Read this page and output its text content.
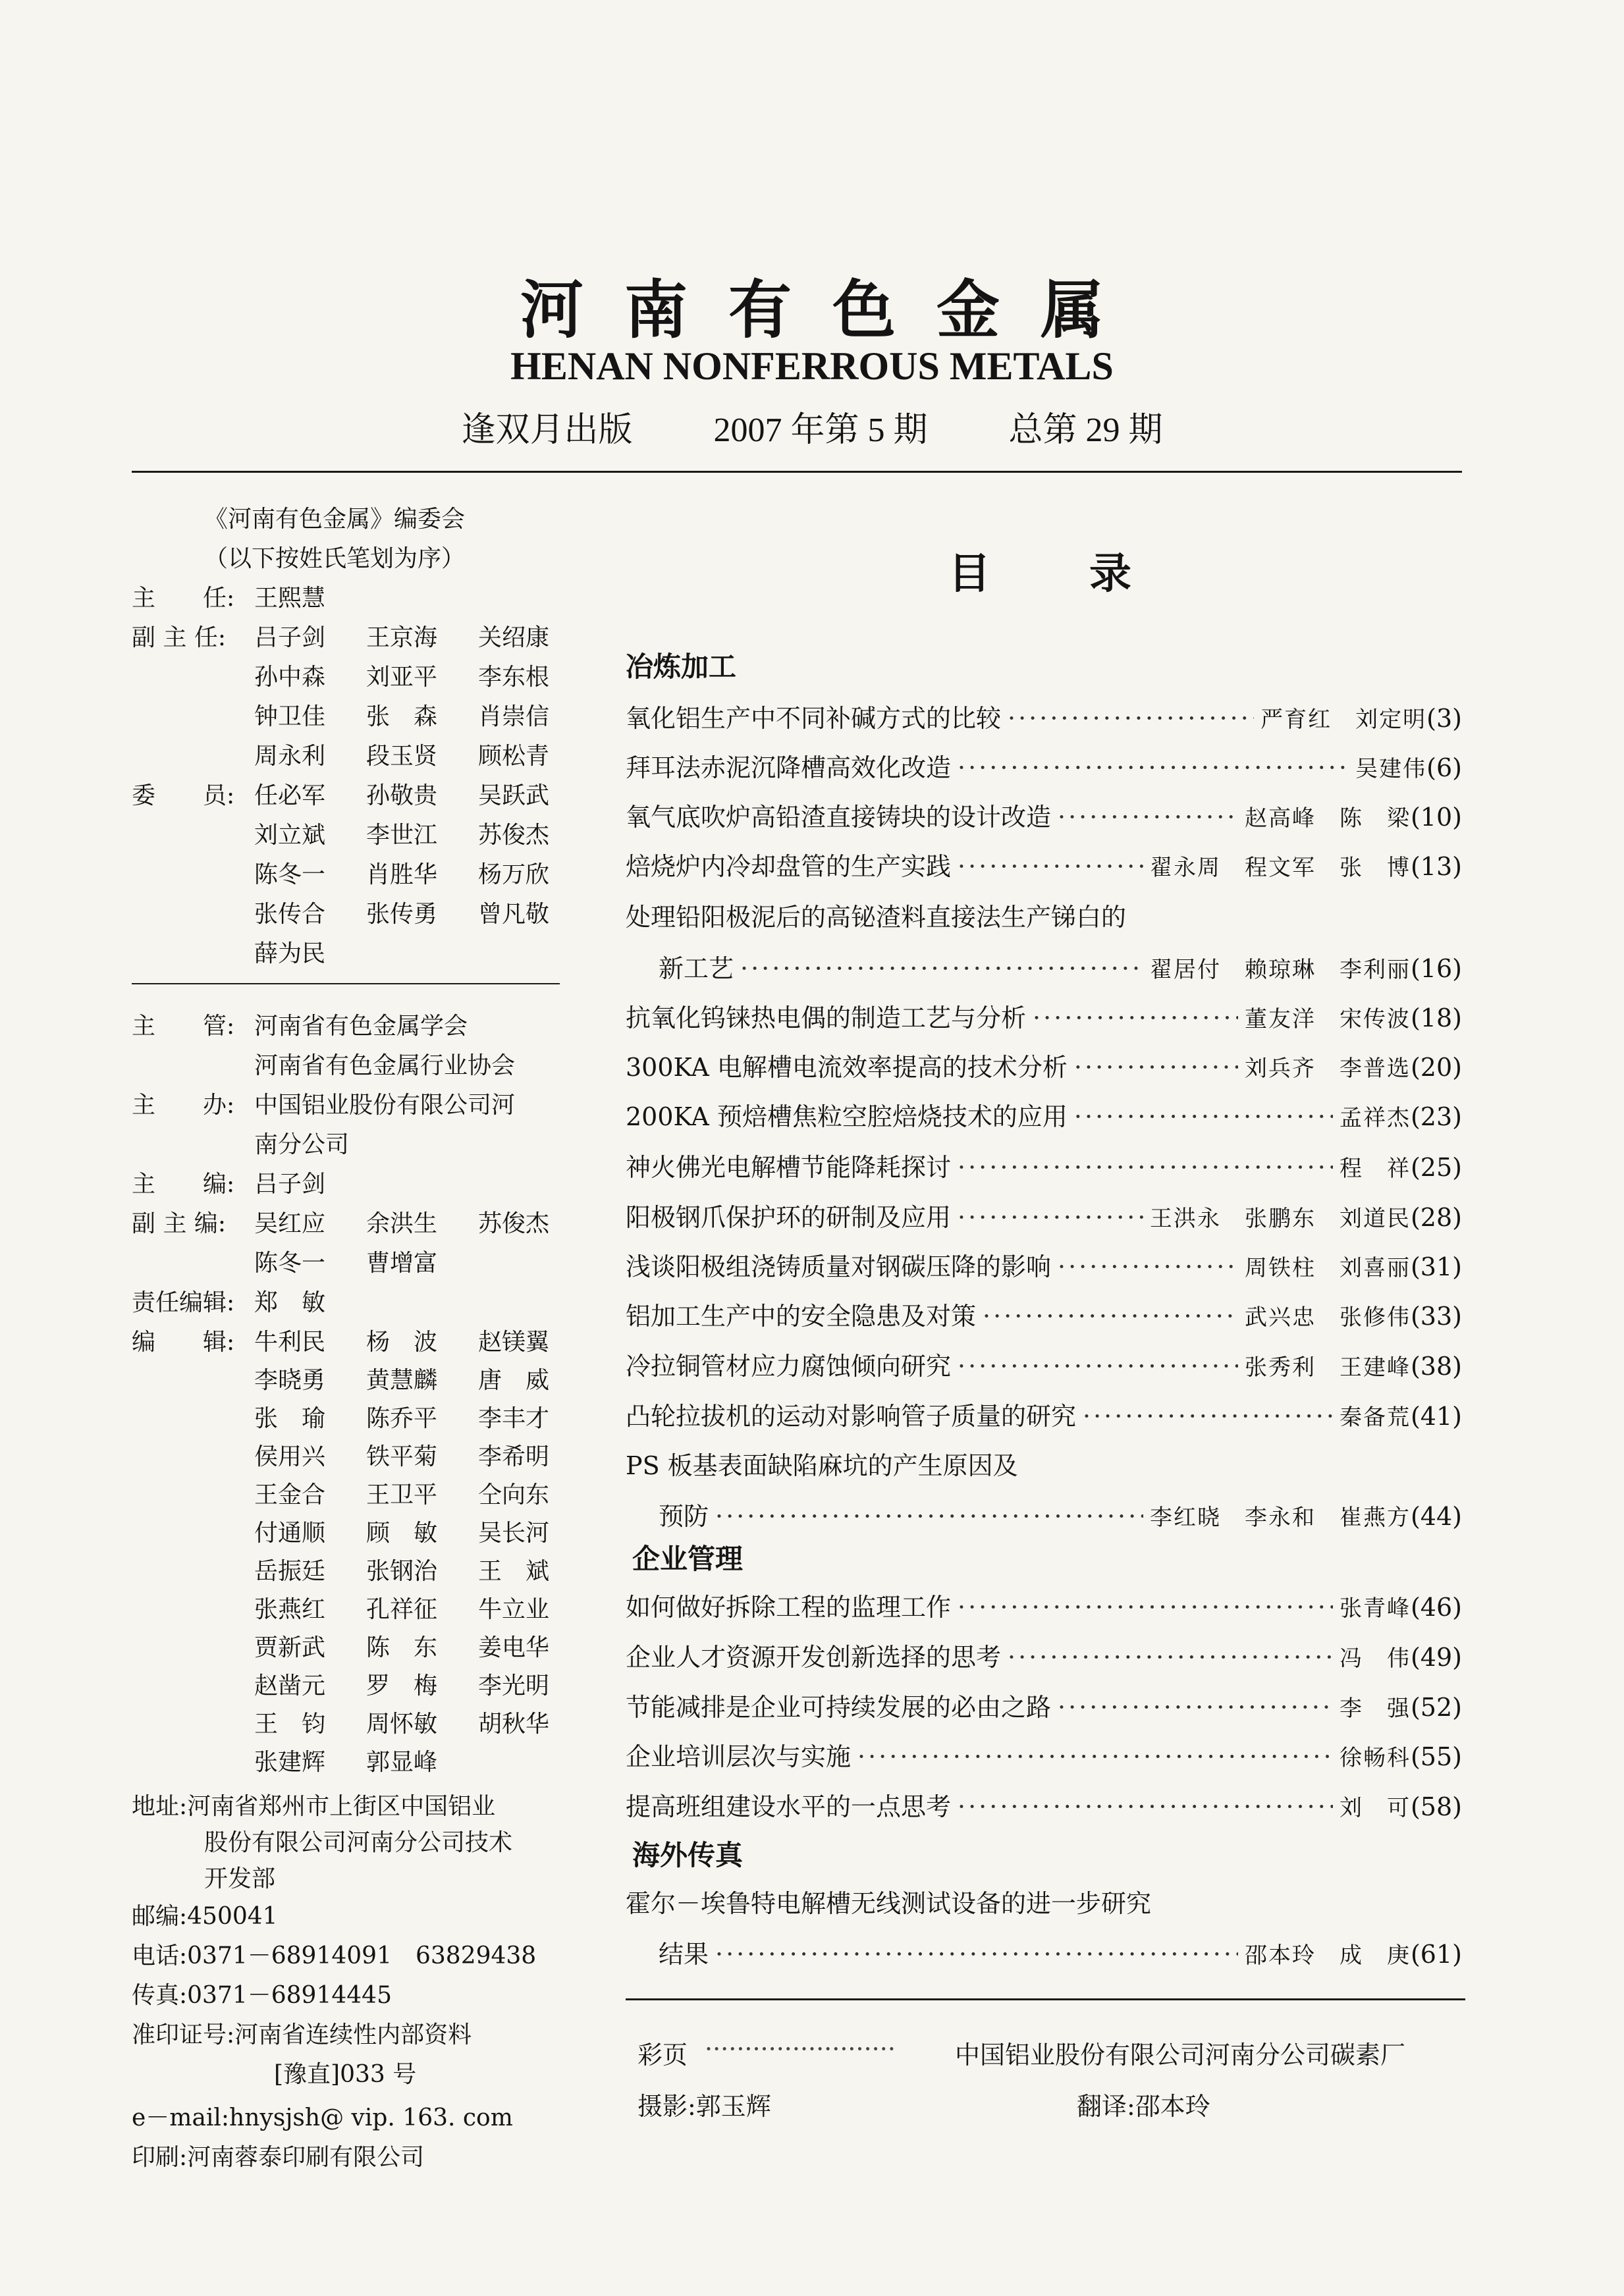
河南有色金属
HENAN NONFERROUS METALS
逢双月出版 2007 年第 5 期 总第 29 期
《河南有色金属》编委会
（以下按姓氏笔划为序）
主　　任: 王熙慧
副 主 任: 吕子剑 王京海 关绍康
孙中森 刘亚平 李东根
钟卫佳 张　森 肖崇信
周永利 段玉贤 顾松青
委　　员: 任必军 孙敬贵 吴跃武
刘立斌 李世江 苏俊杰
陈冬一 肖胜华 杨万欣
张传合 张传勇 曾凡敬
薛为民
主　　管: 河南省有色金属学会
河南省有色金属行业协会
主　　办: 中国铝业股份有限公司河
南分公司
主　　编: 吕子剑
副 主 编: 吴红应 余洪生 苏俊杰
陈冬一 曹增富
责任编辑: 郑　敏
编　　辑: 牛利民 杨　波 赵镁翼
李晓勇 黄慧麟 唐　威
张　瑜 陈乔平 李丰才
侯用兴 铁平菊 李希明
王金合 王卫平 仝向东
付通顺 顾　敏 吴长河
岳振廷 张钢治 王　斌
张燕红 孔祥征 牛立业
贾新武 陈　东 姜电华
赵凿元 罗　梅 李光明
王　钧 周怀敏 胡秋华
张建辉 郭显峰
地址:河南省郑州市上街区中国铝业
股份有限公司河南分公司技术
开发部
邮编:450041
电话:0371－68914091　63829438
传真:0371－68914445
准印证号:河南省连续性内部资料
[豫直]033 号
e－mail:hnysjsh@ vip. 163. com
印刷:河南蓉泰印刷有限公司
目录
冶炼加工
企业管理
海外传真
氧化铝生产中不同补碱方式的比较 ·····	严育红　刘定明 (3)
拜耳法赤泥沉降槽高效化改造 ·····	吴建伟 (6)
氧气底吹炉高铅渣直接铸块的设计改造 ·····	赵高峰　陈　梁 (10)
焙烧炉内冷却盘管的生产实践 ·····	翟永周　程文军　张　博 (13)
处理铅阳极泥后的高铋渣料直接法生产锑白的
新工艺 ·····	翟居付　赖琼琳　李利丽 (16)
抗氧化钨铼热电偶的制造工艺与分析 ·····	董友洋　宋传波 (18)
300KA 电解槽电流效率提高的技术分析 ·····	刘兵齐　李普选 (20)
200KA 预焙槽焦粒空腔焙烧技术的应用 ·····	孟祥杰 (23)
神火佛光电解槽节能降耗探讨 ·····	程　祥 (25)
阳极钢爪保护环的研制及应用 ·····	王洪永　张鹏东　刘道民 (28)
浅谈阳极组浇铸质量对钢碳压降的影响 ·····	周铁柱　刘喜丽 (31)
铝加工生产中的安全隐患及对策 ·····	武兴忠　张修伟 (33)
冷拉铜管材应力腐蚀倾向研究 ·····	张秀利　王建峰 (38)
凸轮拉拔机的运动对影响管子质量的研究 ·····	秦备荒 (41)
PS 板基表面缺陷麻坑的产生原因及
预防 ·····	李红晓　李永和　崔燕方 (44)
如何做好拆除工程的监理工作 ·····	张青峰 (46)
企业人才资源开发创新选择的思考 ·····	冯　伟 (49)
节能减排是企业可持续发展的必由之路 ·····	李　强 (52)
企业培训层次与实施 ·····	徐畅科 (55)
提高班组建设水平的一点思考 ·····	刘　可 (58)
霍尔－埃鲁特电解槽无线测试设备的进一步研究
结果 ·····	邵本玲　成　庚 (61)
彩页 ························ 中国铝业股份有限公司河南分公司碳素厂
摄影:郭玉辉	翻译:邵本玲
